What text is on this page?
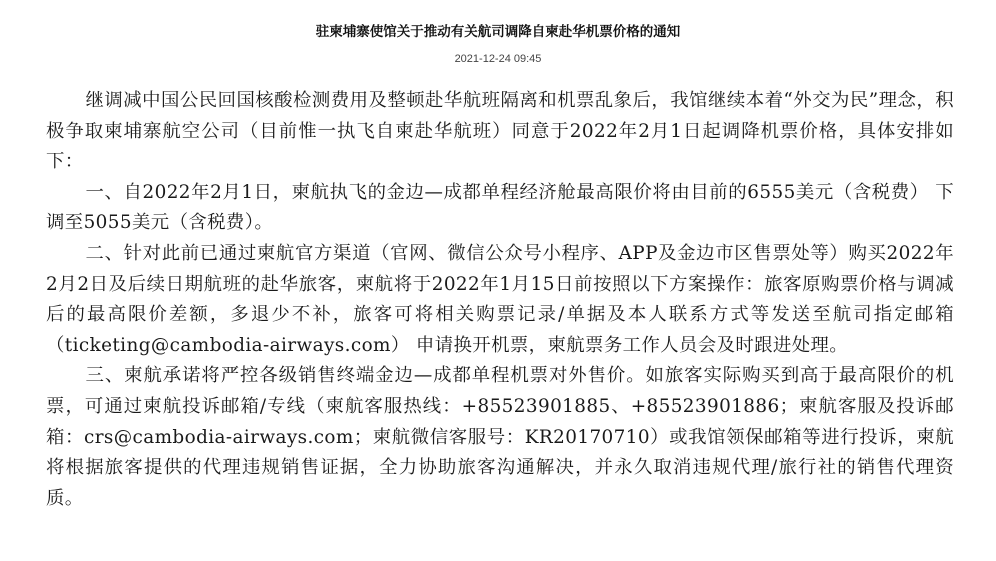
驻柬埔寨使馆关于推动有关航司调降自柬赴华机票价格的通知
2021-12-24 09:45

继调减中国公民回国核酸检测费用及整顿赴华航班隔离和机票乱象后，我馆继续本着“外交为民”理念，积极争取柬埔寨航空公司（目前惟一执飞自柬赴华航班）同意于2022年2月1日起调降机票价格，具体安排如下：

一、自2022年2月1日，柬航执飞的金边—成都单程经济舱最高限价将由目前的6555美元（含税费） 下调至5055美元（含税费）。

二、针对此前已通过柬航官方渠道（官网、微信公众号小程序、APP及金边市区售票处等）购买2022年2月2日及后续日期航班的赴华旅客，柬航将于2022年1月15日前按照以下方案操作：旅客原购票价格与调减后的最高限价差额，多退少不补，旅客可将相关购票记录/单据及本人联系方式等发送至航司指定邮箱（ticketing@cambodia-airways.com） 申请换开机票，柬航票务工作人员会及时跟进处理。

三、柬航承诺将严控各级销售终端金边—成都单程机票对外售价。如旅客实际购买到高于最高限价的机票，可通过柬航投诉邮箱/专线（柬航客服热线：+85523901885、+85523901886；柬航客服及投诉邮箱：crs@cambodia-airways.com；柬航微信客服号：KR20170710）或我馆领保邮箱等进行投诉，柬航将根据旅客提供的代理违规销售证据，全力协助旅客沟通解决，并永久取消违规代理/旅行社的销售代理资质。
